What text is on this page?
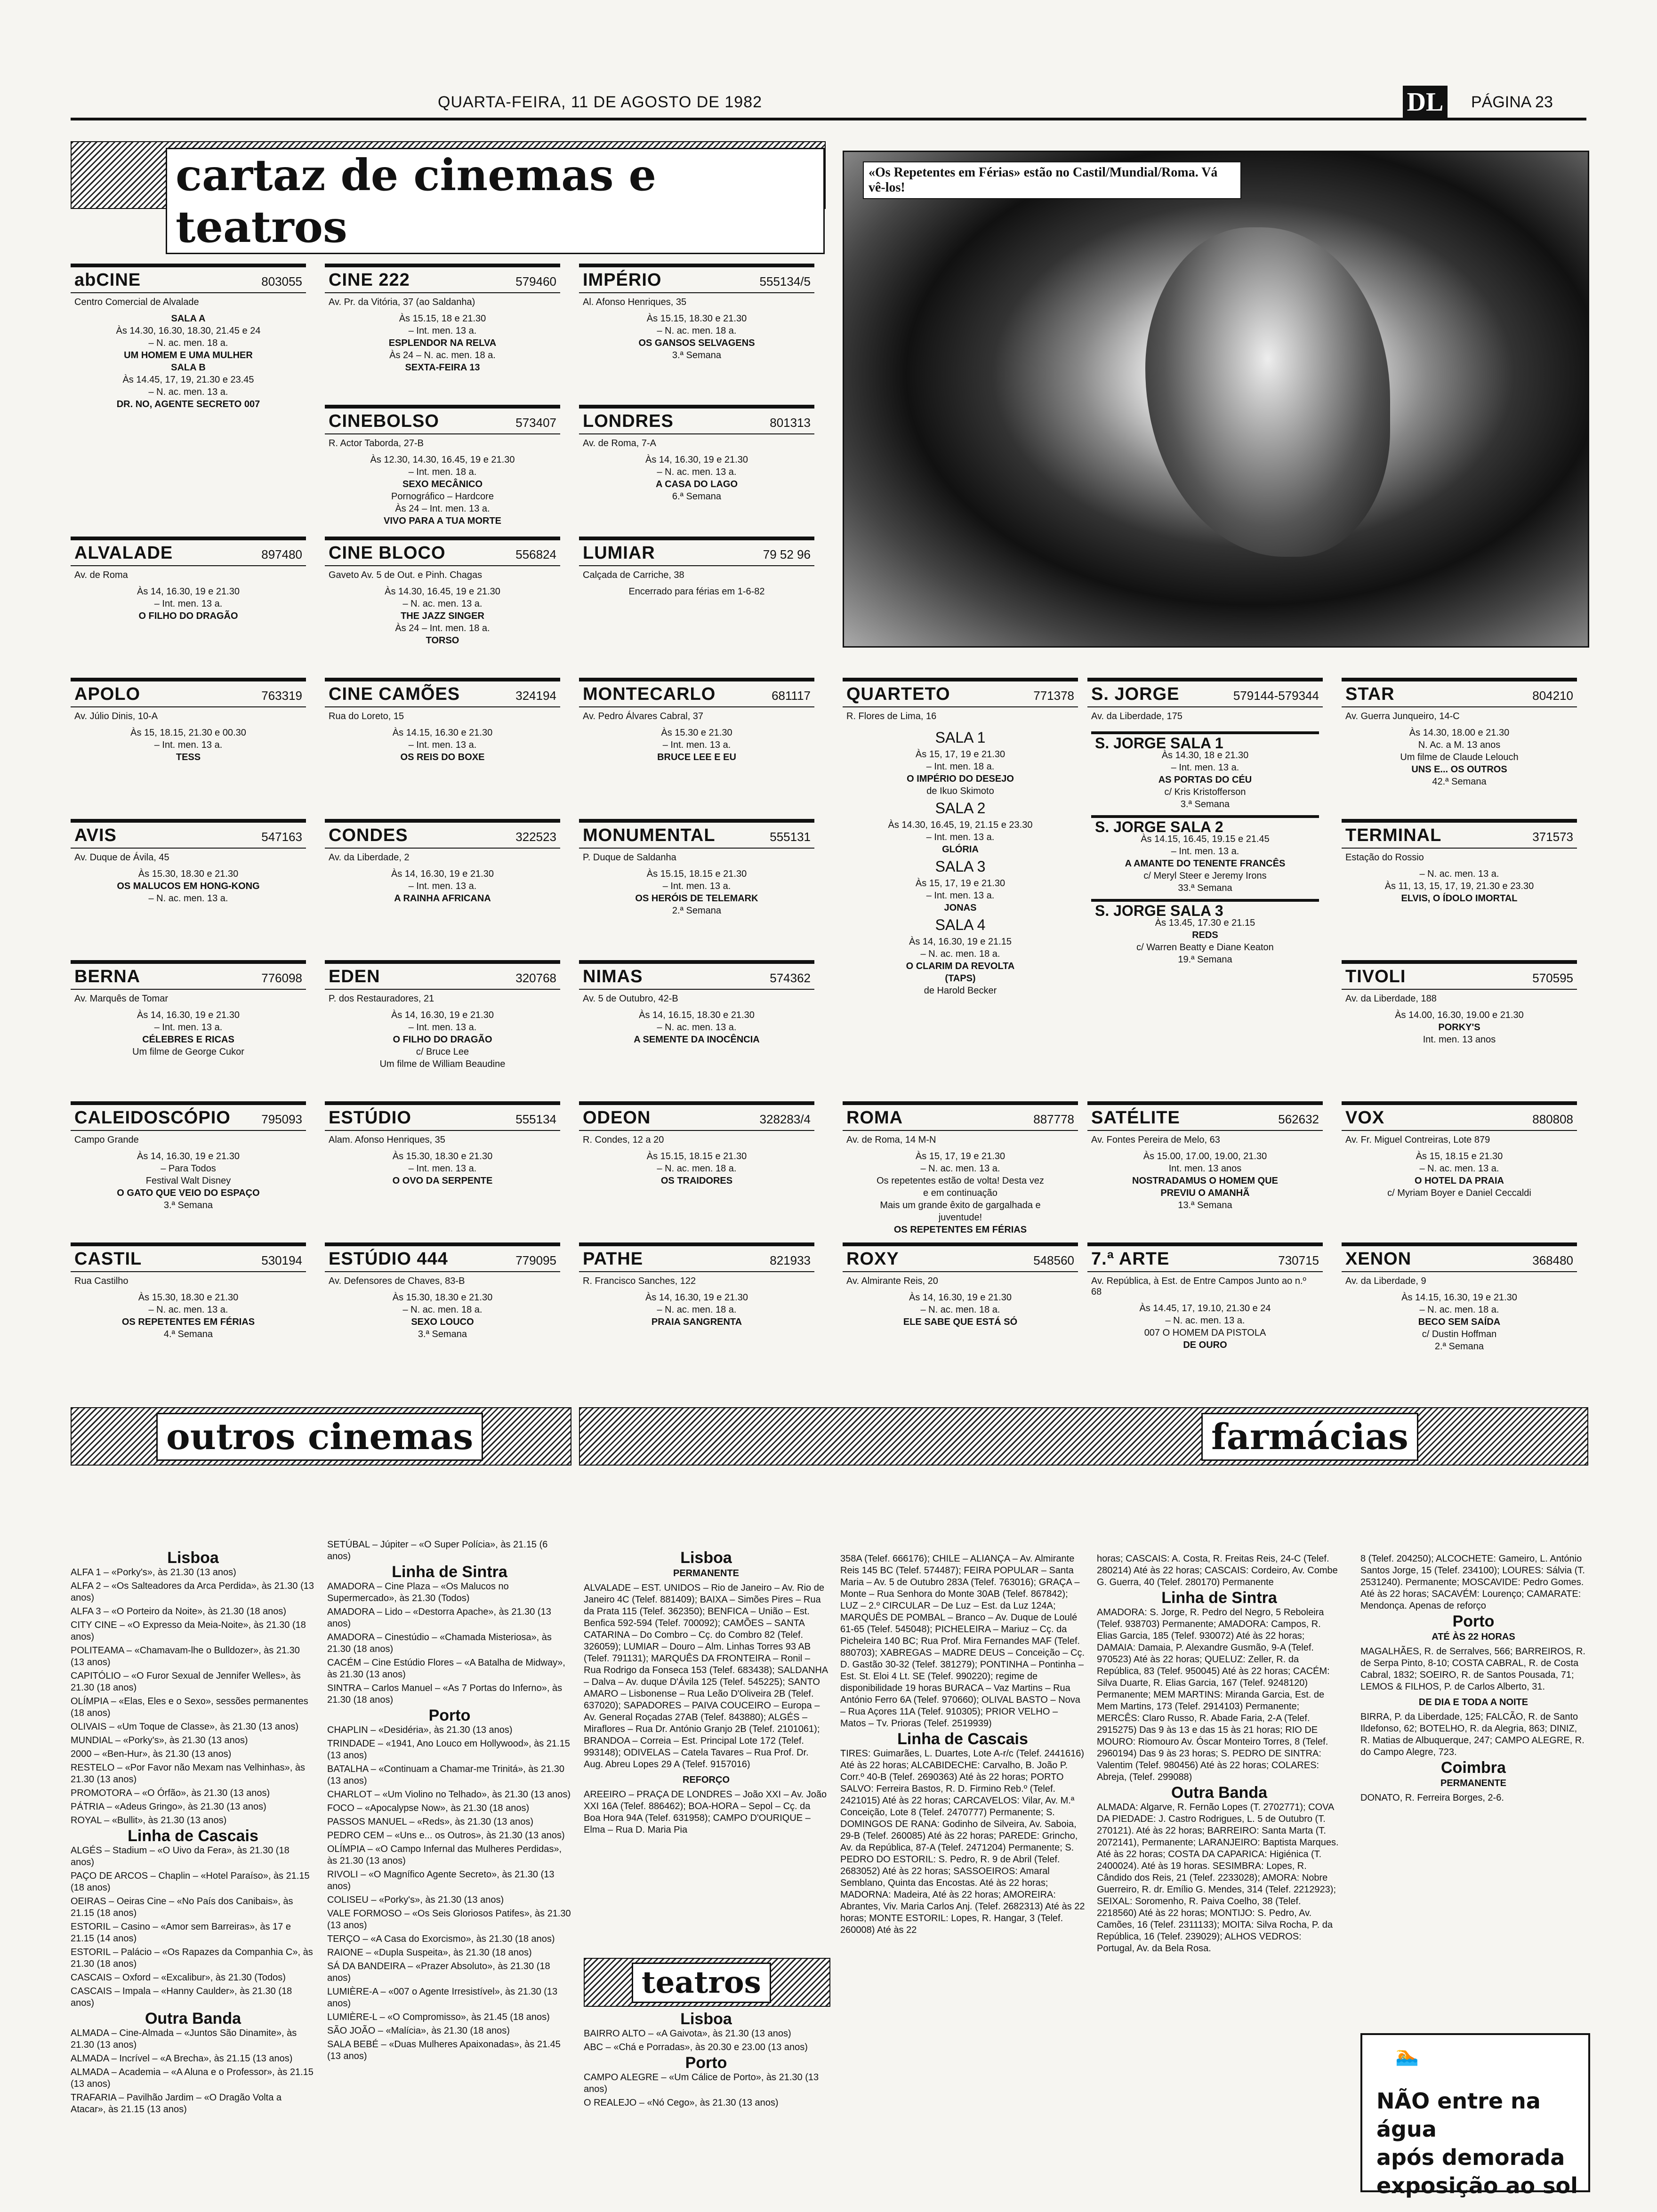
QUARTA-FEIRA, 11 DE AGOSTO DE 1982	DL PÁGINA 23
cartaz de cinemas e teatros
«Os Repetentes em Férias» estão no Castil/Mundial/Roma. Vá vê-los!
abCINE	803055
Centro Comercial de Alvalade
SALA A
Às 14.30, 16.30, 18.30, 21.45 e 24
– N. ac. men. 18 a.
UM HOMEM E UMA MULHER
SALA B
Às 14.45, 17, 19, 21.30 e 23.45
– N. ac. men. 13 a.
DR. NO, AGENTE SECRETO 007
CINE 222	579460
Av. Pr. da Vitória, 37 (ao Saldanha)
Às 15.15, 18 e 21.30
– Int. men. 13 a.
ESPLENDOR NA RELVA
Às 24 – N. ac. men. 18 a.
SEXTA-FEIRA 13
IMPÉRIO	555134/5
Al. Afonso Henriques, 35
Às 15.15, 18.30 e 21.30
– N. ac. men. 18 a.
OS GANSOS SELVAGENS
3.ª Semana
CINEBOLSO	573407
R. Actor Taborda, 27-B
Às 12.30, 14.30, 16.45, 19 e 21.30
– Int. men. 18 a.
SEXO MECÂNICO
Pornográfico – Hardcore
Às 24 – Int. men. 13 a.
VIVO PARA A TUA MORTE
LONDRES	801313
Av. de Roma, 7-A
Às 14, 16.30, 19 e 21.30
– N. ac. men. 13 a.
A CASA DO LAGO
6.ª Semana
ALVALADE	897480
Av. de Roma
Às 14, 16.30, 19 e 21.30
– Int. men. 13 a.
O FILHO DO DRAGÃO
CINE BLOCO	556824
Gaveto Av. 5 de Out. e Pinh. Chagas
Às 14.30, 16.45, 19 e 21.30
– N. ac. men. 13 a.
THE JAZZ SINGER
Às 24 – Int. men. 18 a.
TORSO
LUMIAR	79 52 96
Calçada de Carriche, 38
Encerrado para férias em 1-6-82
APOLO	763319
Av. Júlio Dinis, 10-A
Às 15, 18.15, 21.30 e 00.30
– Int. men. 13 a.
TESS
CINE CAMÕES	324194
Rua do Loreto, 15
Às 14.15, 16.30 e 21.30
– Int. men. 13 a.
OS REIS DO BOXE
MONTECARLO	681117
Av. Pedro Álvares Cabral, 37
Às 15.30 e 21.30
– Int. men. 13 a.
BRUCE LEE E EU
QUARTETO	771378
R. Flores de Lima, 16
SALA 1
Às 15, 17, 19 e 21.30
– Int. men. 18 a.
O IMPÉRIO DO DESEJO
de Ikuo Skimoto
SALA 2
Às 14.30, 16.45, 19, 21.15 e 23.30
– Int. men. 13 a.
GLÓRIA
SALA 3
Às 15, 17, 19 e 21.30
– Int. men. 13 a.
JONAS
SALA 4
Às 14, 16.30, 19 e 21.15
– N. ac. men. 18 a.
O CLARIM DA REVOLTA
(TAPS)
de Harold Becker
S. JORGE	579144-579344
Av. da Liberdade, 175
S. JORGE SALA 1
Às 14.30, 18 e 21.30
– Int. men. 13 a.
AS PORTAS DO CÉU
c/ Kris Kristofferson
3.ª Semana
S. JORGE SALA 2
Às 14.15, 16.45, 19.15 e 21.45
– Int. men. 13 a.
A AMANTE DO TENENTE FRANCÊS
c/ Meryl Steer e Jeremy Irons
33.ª Semana
S. JORGE SALA 3
Às 13.45, 17.30 e 21.15
REDS
c/ Warren Beatty e Diane Keaton
19.ª Semana
STAR	804210
Av. Guerra Junqueiro, 14-C
Às 14.30, 18.00 e 21.30
N. Ac. a M. 13 anos
Um filme de Claude Lelouch
UNS E... OS OUTROS
42.ª Semana
AVIS	547163
Av. Duque de Ávila, 45
Às 15.30, 18.30 e 21.30
OS MALUCOS EM HONG-KONG
– N. ac. men. 13 a.
CONDES	322523
Av. da Liberdade, 2
Às 14, 16.30, 19 e 21.30
– Int. men. 13 a.
A RAINHA AFRICANA
MONUMENTAL	555131
P. Duque de Saldanha
Às 15.15, 18.15 e 21.30
– Int. men. 13 a.
OS HERÓIS DE TELEMARK
2.ª Semana
TERMINAL	371573
Estação do Rossio
– N. ac. men. 13 a.
Às 11, 13, 15, 17, 19, 21.30 e 23.30
ELVIS, O ÍDOLO IMORTAL
BERNA	776098
Av. Marquês de Tomar
Às 14, 16.30, 19 e 21.30
– Int. men. 13 a.
CÉLEBRES E RICAS
Um filme de George Cukor
EDEN	320768
P. dos Restauradores, 21
Às 14, 16.30, 19 e 21.30
– Int. men. 13 a.
O FILHO DO DRAGÃO
c/ Bruce Lee
Um filme de William Beaudine
NIMAS	574362
Av. 5 de Outubro, 42-B
Às 14, 16.15, 18.30 e 21.30
– N. ac. men. 13 a.
A SEMENTE DA INOCÊNCIA
TIVOLI	570595
Av. da Liberdade, 188
Às 14.00, 16.30, 19.00 e 21.30
PORKY'S
Int. men. 13 anos
CALEIDOSCÓPIO	795093
Campo Grande
Às 14, 16.30, 19 e 21.30
– Para Todos
Festival Walt Disney
O GATO QUE VEIO DO ESPAÇO
3.ª Semana
ESTÚDIO	555134
Alam. Afonso Henriques, 35
Às 15.30, 18.30 e 21.30
– Int. men. 13 a.
O OVO DA SERPENTE
ODEON	328283/4
R. Condes, 12 a 20
Às 15.15, 18.15 e 21.30
– N. ac. men. 18 a.
OS TRAIDORES
ROMA	887778
Av. de Roma, 14 M-N
Às 15, 17, 19 e 21.30
– N. ac. men. 13 a.
Os repetentes estão de volta! Desta vez
e em continuação
Mais um grande êxito de gargalhada e
juventude!
OS REPETENTES EM FÉRIAS
SATÉLITE	562632
Av. Fontes Pereira de Melo, 63
Às 15.00, 17.00, 19.00, 21.30
Int. men. 13 anos
NOSTRADAMUS O HOMEM QUE
PREVIU O AMANHÃ
13.ª Semana
VOX	880808
Av. Fr. Miguel Contreiras, Lote 879
Às 15, 18.15 e 21.30
– N. ac. men. 13 a.
O HOTEL DA PRAIA
c/ Myriam Boyer e Daniel Ceccaldi
CASTIL	530194
Rua Castilho
Às 15.30, 18.30 e 21.30
– N. ac. men. 13 a.
OS REPETENTES EM FÉRIAS
4.ª Semana
ESTÚDIO 444	779095
Av. Defensores de Chaves, 83-B
Às 15.30, 18.30 e 21.30
– N. ac. men. 18 a.
SEXO LOUCO
3.ª Semana
PATHE	821933
R. Francisco Sanches, 122
Às 14, 16.30, 19 e 21.30
– N. ac. men. 18 a.
PRAIA SANGRENTA
ROXY	548560
Av. Almirante Reis, 20
Às 14, 16.30, 19 e 21.30
– N. ac. men. 18 a.
ELE SABE QUE ESTÁ SÓ
7.ª ARTE	730715
Av. República, à Est. de Entre Campos Junto ao n.º 68
Às 14.45, 17, 19.10, 21.30 e 24
– N. ac. men. 13 a.
007 O HOMEM DA PISTOLA
DE OURO
XENON	368480
Av. da Liberdade, 9
Às 14.15, 16.30, 19 e 21.30
– N. ac. men. 18 a.
BECO SEM SAÍDA
c/ Dustin Hoffman
2.ª Semana
outros cinemas	farmácias
Lisboa

ALFA 1 – «Porky's», às 21.30 (13 anos)

ALFA 2 – «Os Salteadores da Arca Perdida», às 21.30 (13 anos)

ALFA 3 – «O Porteiro da Noite», às 21.30 (18 anos)

CITY CINE – «O Expresso da Meia-Noite», às 21.30 (18 anos)

POLITEAMA – «Chamavam-lhe o Bulldozer», às 21.30 (13 anos)

CAPITÓLIO – «O Furor Sexual de Jennifer Welles», às 21.30 (18 anos)

OLÍMPIA – «Elas, Eles e o Sexo», sessões permanentes (18 anos)

OLIVAIS – «Um Toque de Classe», às 21.30 (13 anos)

MUNDIAL – «Porky's», às 21.30 (13 anos)

2000 – «Ben-Hur», às 21.30 (13 anos)

RESTELO – «Por Favor não Mexam nas Velhinhas», às 21.30 (13 anos)

PROMOTORA – «O Órfão», às 21.30 (13 anos)

PÁTRIA – «Adeus Gringo», às 21.30 (13 anos)

ROYAL – «Bullit», às 21.30 (13 anos)

Linha de Cascais

ALGÉS – Stadium – «O Uivo da Fera», às 21.30 (18 anos)

PAÇO DE ARCOS – Chaplin – «Hotel Paraíso», às 21.15 (18 anos)

OEIRAS – Oeiras Cine – «No País dos Canibais», às 21.15 (18 anos)

ESTORIL – Casino – «Amor sem Barreiras», às 17 e 21.15 (14 anos)

ESTORIL – Palácio – «Os Rapazes da Companhia C», às 21.30 (18 anos)

CASCAIS – Oxford – «Excalibur», às 21.30 (Todos)

CASCAIS – Impala – «Hanny Caulder», às 21.30 (18 anos)

Outra Banda

ALMADA – Cine-Almada – «Juntos São Dinamite», às 21.30 (13 anos)

ALMADA – Incrível – «A Brecha», às 21.15 (13 anos)

ALMADA – Academia – «A Aluna e o Professor», às 21.15 (13 anos)

TRAFARIA – Pavilhão Jardim – «O Dragão Volta a Atacar», às 21.15 (13 anos)

SETÚBAL – Júpiter – «O Super Polícia», às 21.15 (6 anos)

Linha de Sintra

AMADORA – Cine Plaza – «Os Malucos no Supermercado», às 21.30 (Todos)

AMADORA – Lido – «Destorra Apache», às 21.30 (13 anos)

AMADORA – Cinestúdio – «Chamada Misteriosa», às 21.30 (18 anos)

CACÉM – Cine Estúdio Flores – «A Batalha de Midway», às 21.30 (13 anos)

SINTRA – Carlos Manuel – «As 7 Portas do Inferno», às 21.30 (18 anos)

Porto

CHAPLIN – «Desidéria», às 21.30 (13 anos)

TRINDADE – «1941, Ano Louco em Hollywood», às 21.15 (13 anos)

BATALHA – «Continuam a Chamar-me Trinitá», às 21.30 (13 anos)

CHARLOT – «Um Violino no Telhado», às 21.30 (13 anos)

FOCO – «Apocalypse Now», às 21.30 (18 anos)

PASSOS MANUEL – «Reds», às 21.30 (13 anos)

PEDRO CEM – «Uns e... os Outros», às 21.30 (13 anos)

OLÍMPIA – «O Campo Infernal das Mulheres Perdidas», às 21.30 (13 anos)

RIVOLI – «O Magnífico Agente Secreto», às 21.30 (13 anos)

COLISEU – «Porky's», às 21.30 (13 anos)

VALE FORMOSO – «Os Seis Gloriosos Patifes», às 21.30 (13 anos)

TERÇO – «A Casa do Exorcismo», às 21.30 (18 anos)

RAIONE – «Dupla Suspeita», às 21.30 (18 anos)

SÁ DA BANDEIRA – «Prazer Absoluto», às 21.30 (18 anos)

LUMIÈRE-A – «007 o Agente Irresistível», às 21.30 (13 anos)

LUMIÈRE-L – «O Compromisso», às 21.45 (18 anos)

SÃO JOÃO – «Malícia», às 21.30 (18 anos)

SALA BEBÉ – «Duas Mulheres Apaixonadas», às 21.45 (13 anos)

Lisboa
PERMANENTE

ALVALADE – EST. UNIDOS – Rio de Janeiro – Av. Rio de Janeiro 4C (Telef. 881409); BAIXA – Simões Pires – Rua da Prata 115 (Telef. 362350); BENFICA – União – Est. Benfica 592-594 (Telef. 700092); CAMÕES – SANTA CATARINA – Do Combro – Cç. do Combro 82 (Telef. 326059); LUMIAR – Douro – Alm. Linhas Torres 93 AB (Telef. 791131); MARQUÊS DA FRONTEIRA – Ronil – Rua Rodrigo da Fonseca 153 (Telef. 683438); SALDANHA – Dalva – Av. duque D'Ávila 125 (Telef. 545225); SANTO AMARO – Lisbonense – Rua Leão D'Oliveira 2B (Telef. 637020); SAPADORES – PAIVA COUCEIRO – Europa – Av. General Roçadas 27AB (Telef. 843880); ALGÉS – Miraflores – Rua Dr. António Granjo 2B (Telef. 2101061); BRANDOA – Correia – Est. Principal Lote 172 (Telef. 993148); ODIVELAS – Catela Tavares – Rua Prof. Dr. Aug. Abreu Lopes 29 A (Telef. 9157016)

REFORÇO

AREEIRO – PRAÇA DE LONDRES – João XXI – Av. João XXI 16A (Telef. 886462); BOA-HORA – Sepol – Cç. da Boa Hora 94A (Telef. 631958); CAMPO D'OURIQUE – Elma – Rua D. Maria Pia

teatros
Lisboa

BAIRRO ALTO – «A Gaivota», às 21.30 (13 anos)

ABC – «Chá e Porradas», às 20.30 e 23.00 (13 anos)

Porto

CAMPO ALEGRE – «Um Cálice de Porto», às 21.30 (13 anos)

O REALEJO – «Nó Cego», às 21.30 (13 anos)

358A (Telef. 666176); CHILE – ALIANÇA – Av. Almirante Reis 145 BC (Telef. 574487); FEIRA POPULAR – Santa Maria – Av. 5 de Outubro 283A (Telef. 763016); GRAÇA – Monte – Rua Senhora do Monte 30AB (Telef. 867842); LUZ – 2.º CIRCULAR – De Luz – Est. da Luz 124A; MARQUÊS DE POMBAL – Branco – Av. Duque de Loulé 61-65 (Telef. 545048); PICHELEIRA – Mariuz – Cç. da Picheleira 140 BC; Rua Prof. Mira Fernandes MAF (Telef. 880703); XABREGAS – MADRE DEUS – Conceição – Cç. D. Gastão 30-32 (Telef. 381279); PONTINHA – Pontinha – Est. St. Eloi 4 Lt. SE (Telef. 990220); regime de disponibilidade 19 horas BURACA – Vaz Martins – Rua António Ferro 6A (Telef. 970660); OLIVAL BASTO – Nova – Rua Açores 11A (Telef. 910305); PRIOR VELHO – Matos – Tv. Prioras (Telef. 2519939)

Linha de Cascais

TIRES: Guimarães, L. Duartes, Lote A-r/c (Telef. 2441616) Até às 22 horas; ALCABIDECHE: Carvalho, B. João P. Corr.º 40-B (Telef. 2690363) Até às 22 horas; PORTO SALVO: Ferreira Bastos, R. D. Firmino Reb.º (Telef. 2421015) Até às 22 horas; CARCAVELOS: Vilar, Av. M.ª Conceição, Lote 8 (Telef. 2470777) Permanente; S. DOMINGOS DE RANA: Godinho de Silveira, Av. Saboia, 29-B (Telef. 260085) Até às 22 horas; PAREDE: Grincho, Av. da República, 87-A (Telef. 2471204) Permanente; S. PEDRO DO ESTORIL: S. Pedro, R. 9 de Abril (Telef. 2683052) Até às 22 horas; SASSOEIROS: Amaral Semblano, Quinta das Encostas. Até às 22 horas; MADORNA: Madeira, Até às 22 horas; AMOREIRA: Abrantes, Viv. Maria Carlos Anj. (Telef. 2682313) Até às 22 horas; MONTE ESTORIL: Lopes, R. Hangar, 3 (Telef. 260008) Até às 22

horas; CASCAIS: A. Costa, R. Freitas Reis, 24-C (Telef. 280214) Até às 22 horas; CASCAIS: Cordeiro, Av. Combe G. Guerra, 40 (Telef. 280170) Permanente

Linha de Sintra

AMADORA: S. Jorge, R. Pedro del Negro, 5 Reboleira (Telef. 938703) Permanente; AMADORA: Campos, R. Elias Garcia, 185 (Telef. 930072) Até às 22 horas; DAMAIA: Damaia, P. Alexandre Gusmão, 9-A (Telef. 970523) Até às 22 horas; QUELUZ: Zeller, R. da República, 83 (Telef. 950045) Até às 22 horas; CACÉM: Silva Duarte, R. Elias Garcia, 167 (Telef. 9248120) Permanente; MEM MARTINS: Miranda Garcia, Est. de Mem Martins, 173 (Telef. 2914103) Permanente; MERCÊS: Claro Russo, R. Abade Faria, 2-A (Telef. 2915275) Das 9 às 13 e das 15 às 21 horas; RIO DE MOURO: Riomouro Av. Óscar Monteiro Torres, 8 (Telef. 2960194) Das 9 às 23 horas; S. PEDRO DE SINTRA: Valentim (Telef. 980456) Até às 22 horas; COLARES: Abreja, (Telef. 299088)

Outra Banda

ALMADA: Algarve, R. Fernão Lopes (T. 2702771); COVA DA PIEDADE: J. Castro Rodrigues, L. 5 de Outubro (T. 270121). Até às 22 horas; BARREIRO: Santa Marta (T. 2072141), Permanente; LARANJEIRO: Baptista Marques. Até às 22 horas; COSTA DA CAPARICA: Higiénica (T. 2400024). Até às 19 horas. SESIMBRA: Lopes, R. Cândido dos Reis, 21 (Telef. 2233028); AMORA: Nobre Guerreiro, R. dr. Emílio G. Mendes, 314 (Telef. 2212923); SEIXAL: Soromenho, R. Paiva Coelho, 38 (Telef. 2218560) Até às 22 horas; MONTIJO: S. Pedro, Av. Camões, 16 (Telef. 2311133); MOITA: Silva Rocha, P. da República, 16 (Telef. 239029); ALHOS VEDROS: Portugal, Av. da Bela Rosa.

8 (Telef. 204250); ALCOCHETE: Gameiro, L. António Santos Jorge, 15 (Telef. 234100); LOURES: Sálvia (T. 2531240). Permanente; MOSCAVIDE: Pedro Gomes. Até às 22 horas; SACAVÉM: Lourenço; CAMARATE: Mendonça. Apenas de reforço

Porto
ATÉ ÀS 22 HORAS

MAGALHÃES, R. de Serralves, 566; BARREIROS, R. de Serpa Pinto, 8-10; COSTA CABRAL, R. de Costa Cabral, 1832; SOEIRO, R. de Santos Pousada, 71; LEMOS & FILHOS, P. de Carlos Alberto, 31.

DE DIA E TODA A NOITE

BIRRA, P. da Liberdade, 125; FALCÃO, R. de Santo Ildefonso, 62; BOTELHO, R. da Alegria, 863; DINIZ, R. Matias de Albuquerque, 247; CAMPO ALEGRE, R. do Campo Alegre, 723.

Coimbra
PERMANENTE

DONATO, R. Ferreira Borges, 2-6.

🏊
NÃO entre na água
após demorada
exposição ao sol
